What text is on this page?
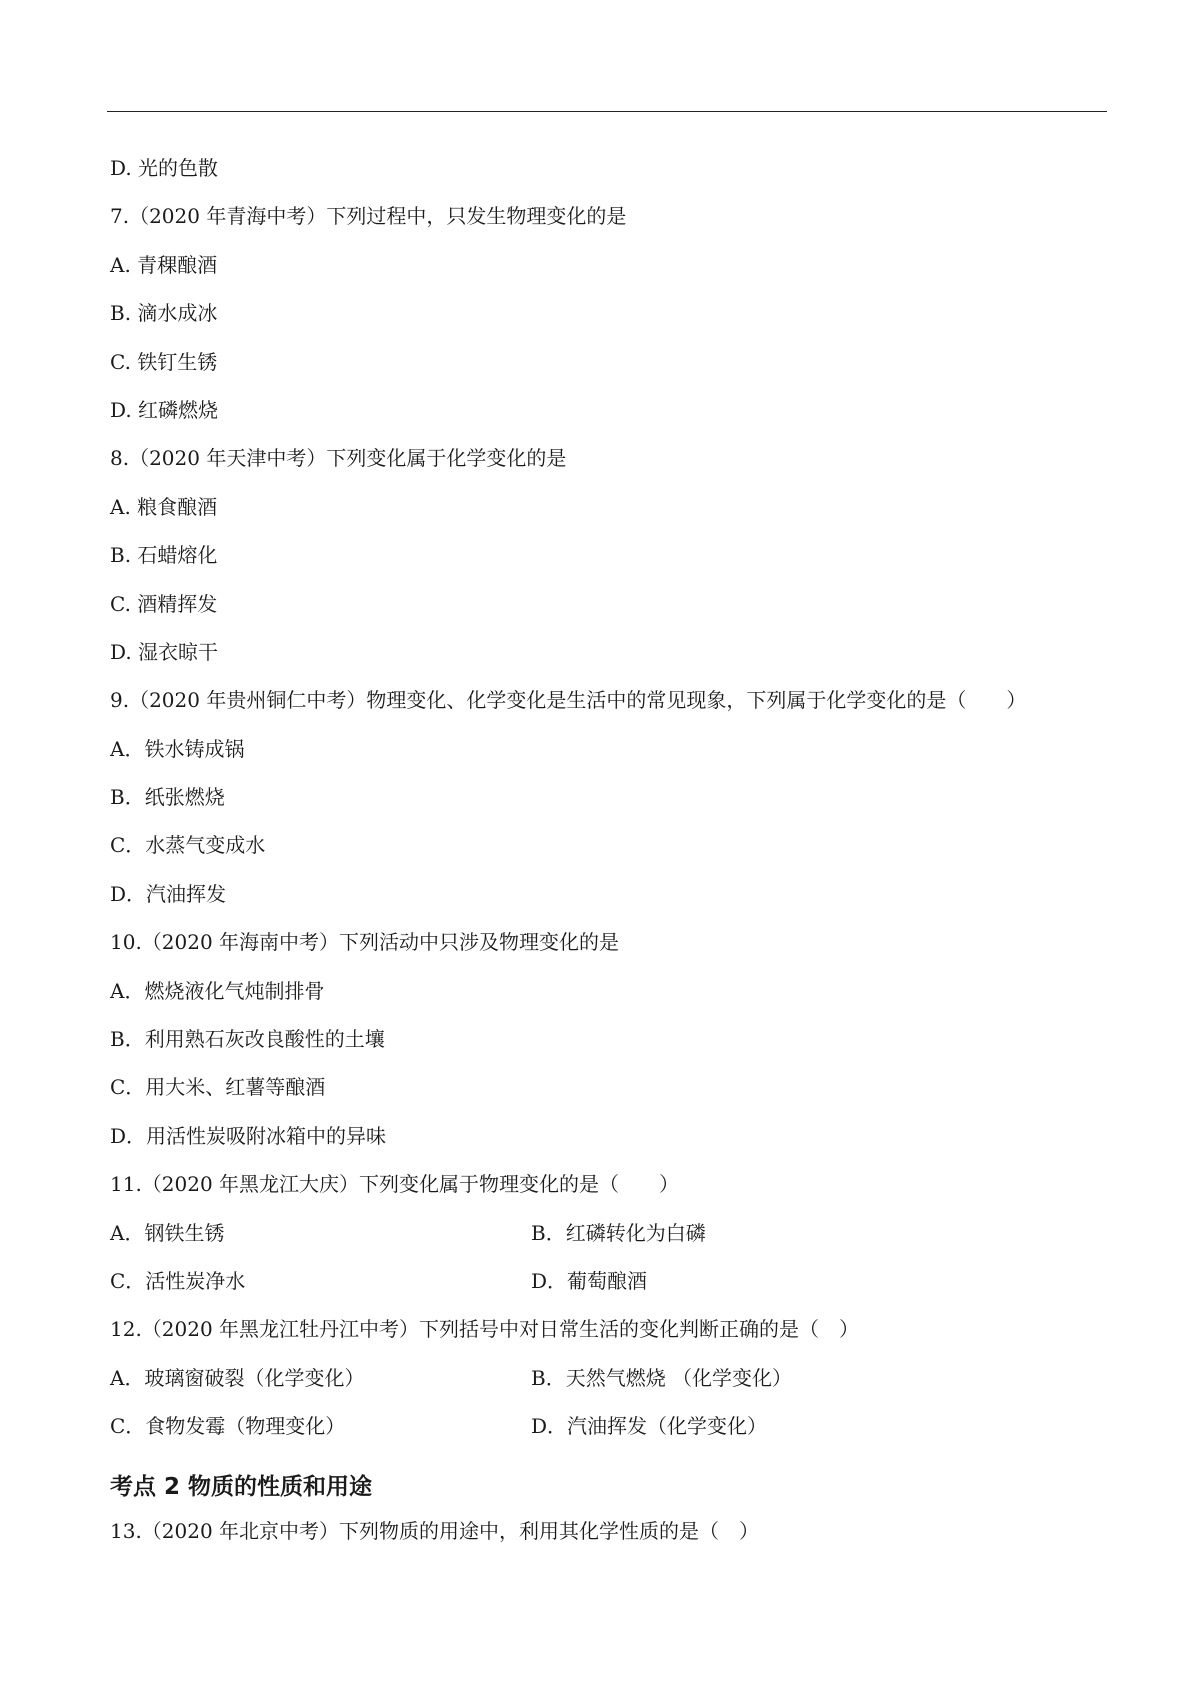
D. 光的色散
7.（2020 年青海中考）下列过程中，只发生物理变化的是
A. 青稞酿酒
B. 滴水成冰
C. 铁钉生锈
D. 红磷燃烧
8.（2020 年天津中考）下列变化属于化学变化的是
A. 粮食酿酒
B. 石蜡熔化
C. 酒精挥发
D. 湿衣晾干
9.（2020 年贵州铜仁中考）物理变化、化学变化是生活中的常见现象，下列属于化学变化的是（　　）
A．铁水铸成锅
B．纸张燃烧
C．水蒸气变成水
D．汽油挥发
10.（2020 年海南中考）下列活动中只涉及物理变化的是
A．燃烧液化气炖制排骨
B．利用熟石灰改良酸性的土壤
C．用大米、红薯等酿酒
D．用活性炭吸附冰箱中的异味
11.（2020 年黑龙江大庆）下列变化属于物理变化的是（　　）
A．钢铁生锈	B．红磷转化为白磷
C．活性炭净水	D．葡萄酿酒
12.（2020 年黑龙江牡丹江中考）下列括号中对日常生活的变化判断正确的是（　）
A．玻璃窗破裂（化学变化）	B．天然气燃烧 （化学变化）
C．食物发霉（物理变化）	D．汽油挥发（化学变化）
考点 2 物质的性质和用途
13.（2020 年北京中考）下列物质的用途中，利用其化学性质的是（　）
